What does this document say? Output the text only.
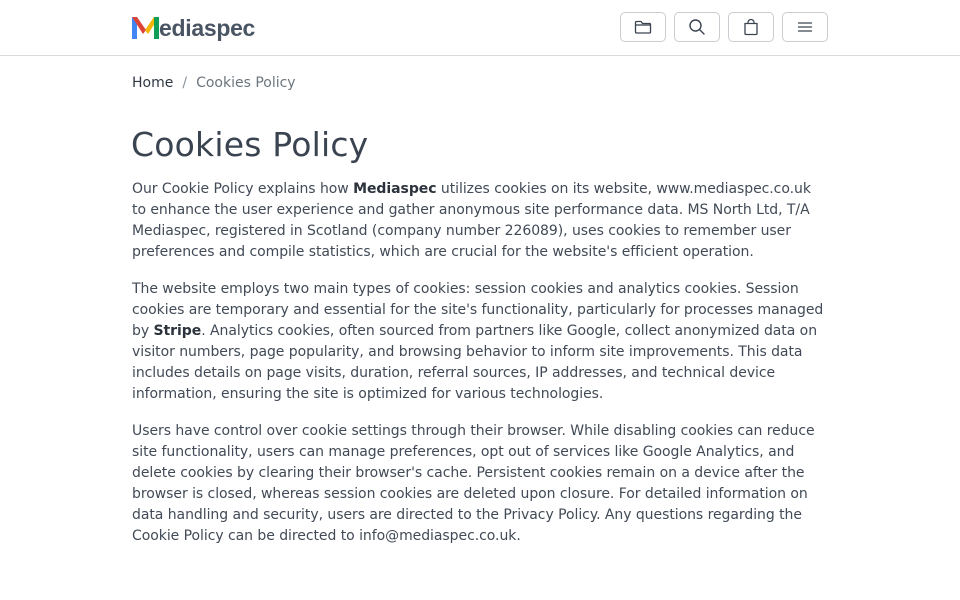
ediaspec
Home / Cookies Policy
Cookies Policy

Our Cookie Policy explains how Mediaspec utilizes cookies on its website, www.mediaspec.co.uk to enhance the user experience and gather anonymous site performance data. MS North Ltd, T/A Mediaspec, registered in Scotland (company number 226089), uses cookies to remember user preferences and compile statistics, which are crucial for the website's efficient operation.

The website employs two main types of cookies: session cookies and analytics cookies. Session cookies are temporary and essential for the site's functionality, particularly for processes managed by Stripe. Analytics cookies, often sourced from partners like Google, collect anonymized data on visitor numbers, page popularity, and browsing behavior to inform site improvements. This data includes details on page visits, duration, referral sources, IP addresses, and technical device information, ensuring the site is optimized for various technologies.

Users have control over cookie settings through their browser. While disabling cookies can reduce site functionality, users can manage preferences, opt out of services like Google Analytics, and delete cookies by clearing their browser's cache. Persistent cookies remain on a device after the browser is closed, whereas session cookies are deleted upon closure. For detailed information on data handling and security, users are directed to the Privacy Policy. Any questions regarding the Cookie Policy can be directed to info@mediaspec.co.uk.
